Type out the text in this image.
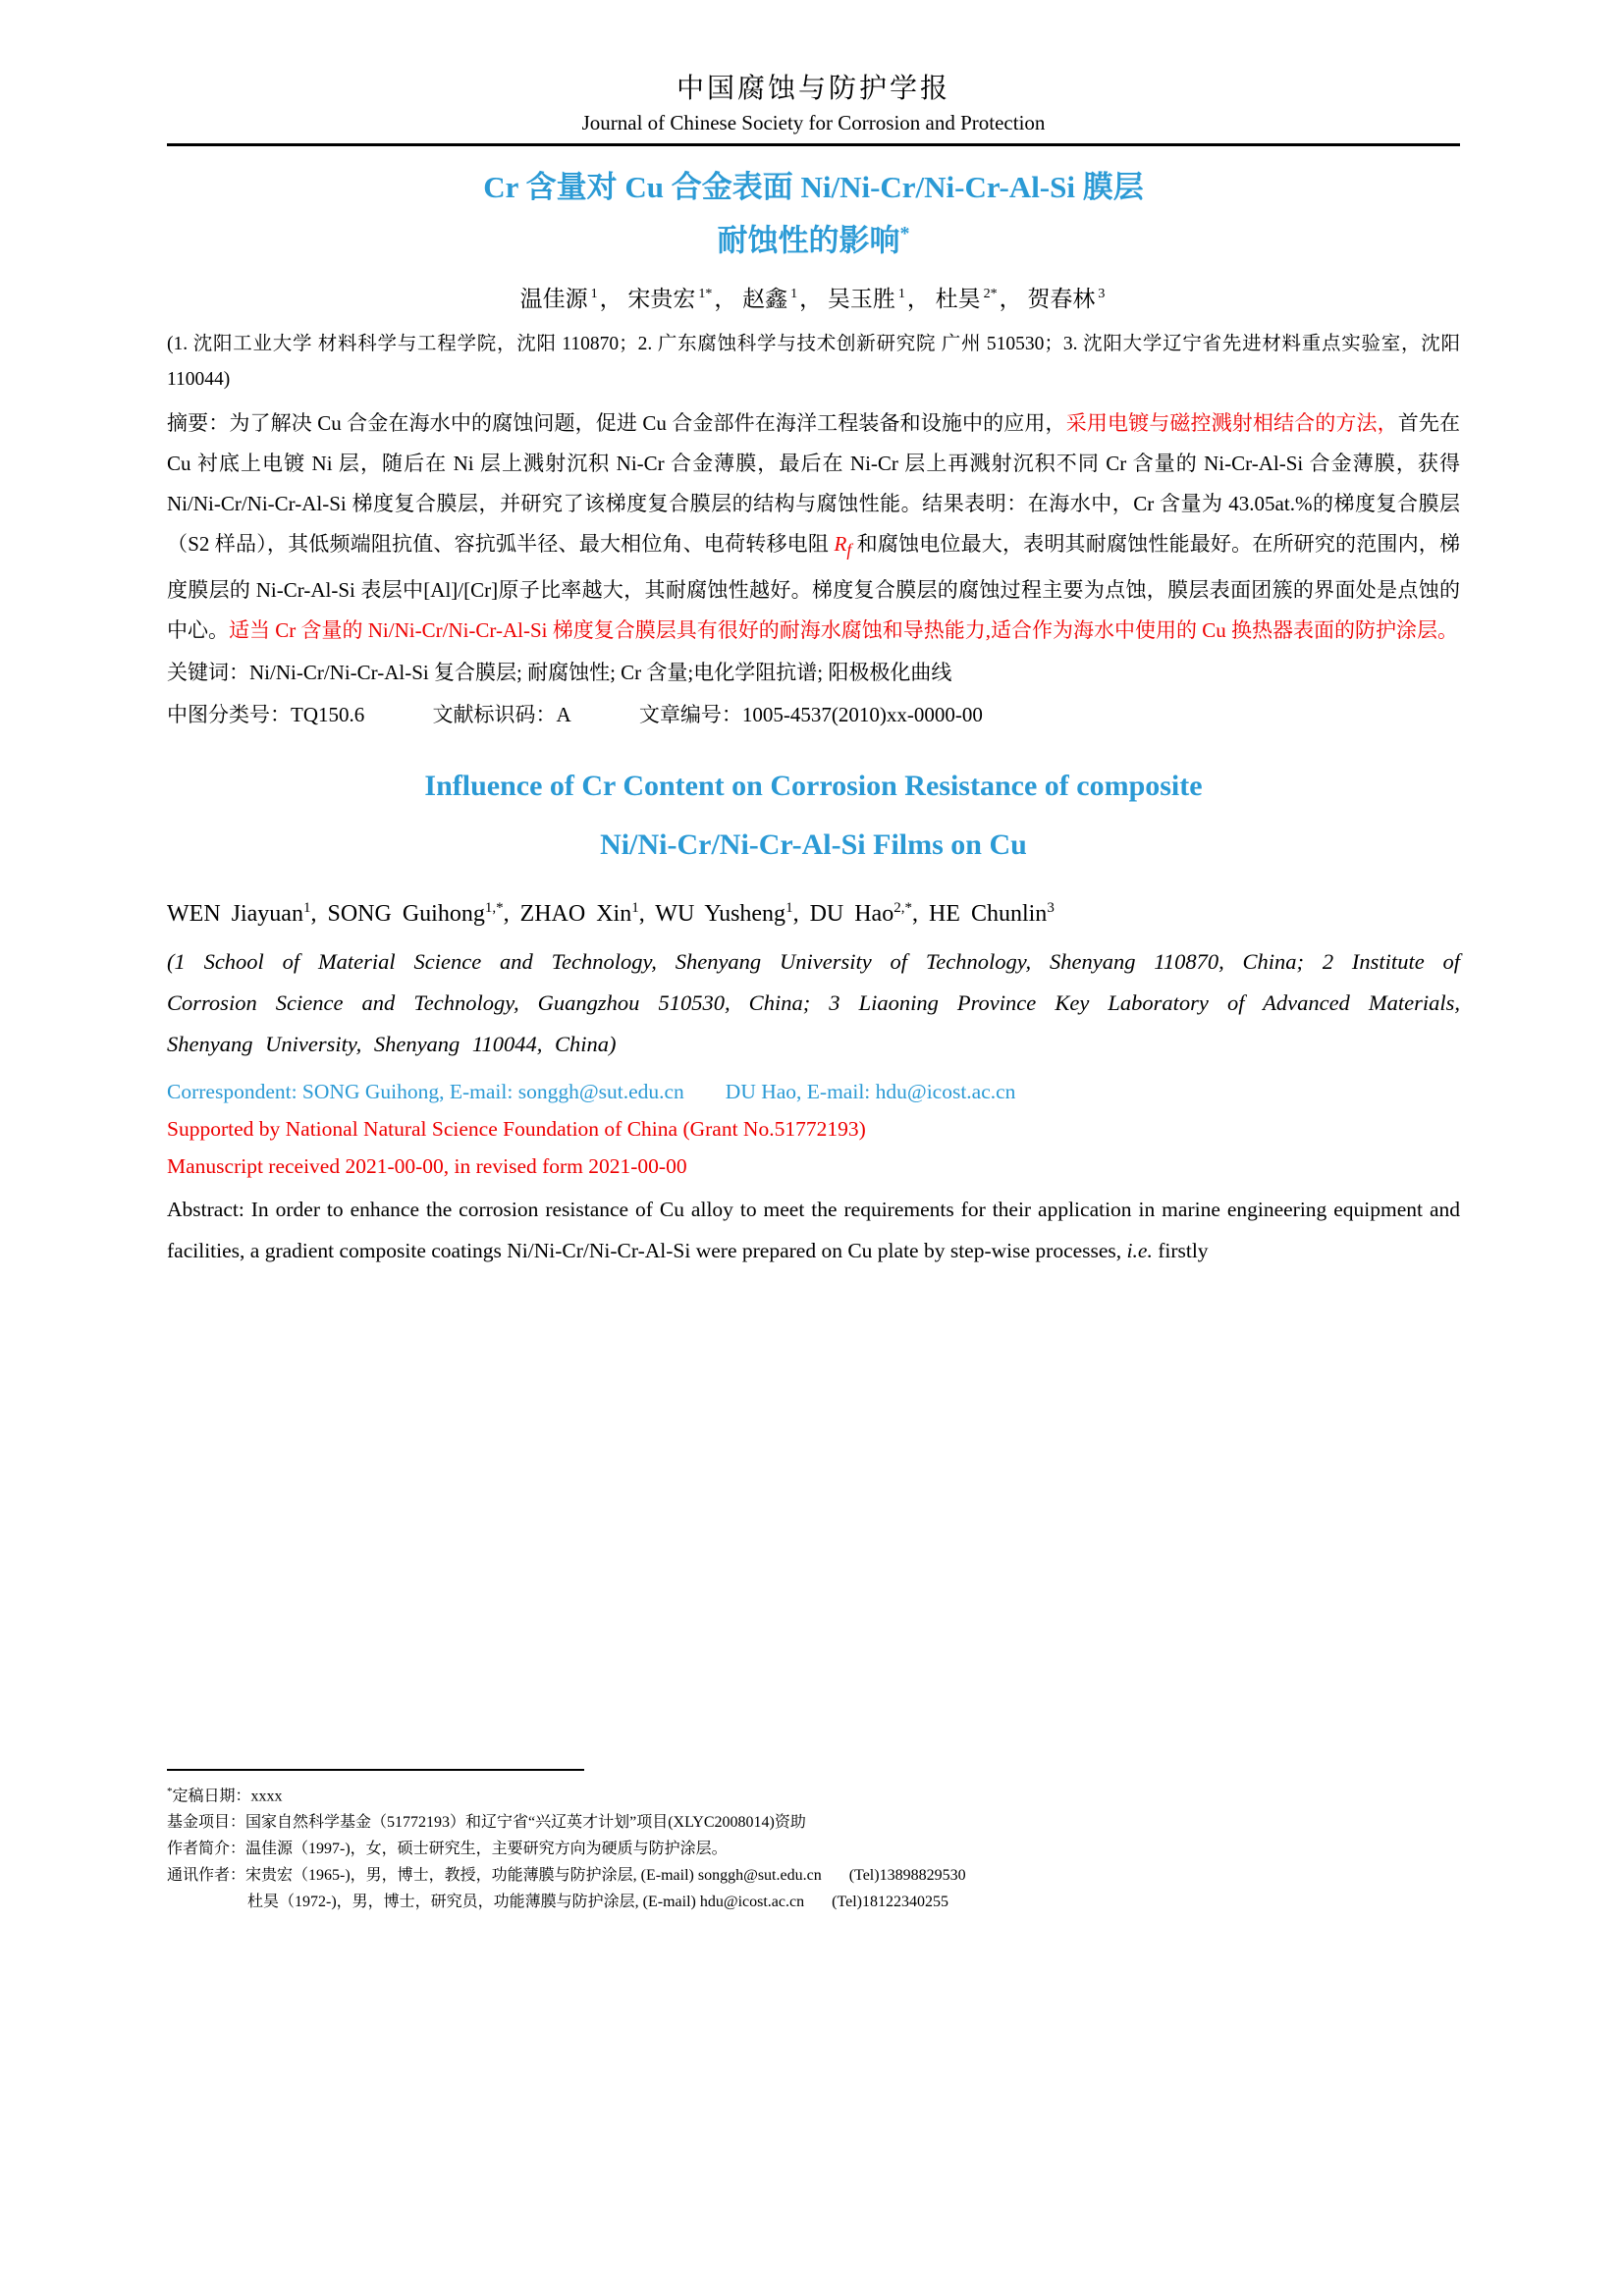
中国腐蚀与防护学报
Journal of Chinese Society for Corrosion and Protection
Cr 含量对 Cu 合金表面 Ni/Ni-Cr/Ni-Cr-Al-Si 膜层
耐蚀性的影响*
温佳源 $^1$， 宋贵宏 $^{1*}$， 赵鑫 $^1$， 吴玉胜 $^1$， 杜昊 $^{2*}$， 贺春林 $^3$
(1. 沈阳工业大学 材料科学与工程学院，沈阳 110870；2. 广东腐蚀科学与技术创新研究院 广州 510530；3. 沈阳大学辽宁省先进材料重点实验室，沈阳 110044)

摘要：为了解决 Cu 合金在海水中的腐蚀问题，促进 Cu 合金部件在海洋工程装备和设施中的应用，采用电镀与磁控溅射相结合的方法，首先在 Cu 衬底上电镀 Ni 层，随后在 Ni 层上溅射沉积 Ni-Cr 合金薄膜，最后在 Ni-Cr 层上再溅射沉积不同 Cr 含量的 Ni-Cr-Al-Si 合金薄膜，获得 Ni/Ni-Cr/Ni-Cr-Al-Si 梯度复合膜层，并研究了该梯度复合膜层的结构与腐蚀性能。结果表明：在海水中，Cr 含量为 43.05at.%的梯度复合膜层（S2 样品），其低频端阻抗值、容抗弧半径、最大相位角、电荷转移电阻 $R_f$ 和腐蚀电位最大，表明其耐腐蚀性能最好。在所研究的范围内，梯度膜层的 Ni-Cr-Al-Si 表层中[Al]/[Cr]原子比率越大，其耐腐蚀性越好。梯度复合膜层的腐蚀过程主要为点蚀，膜层表面团簇的界面处是点蚀的中心。适当 Cr 含量的 Ni/Ni-Cr/Ni-Cr-Al-Si 梯度复合膜层具有很好的耐海水腐蚀和导热能力,适合作为海水中使用的 Cu 换热器表面的防护涂层。

关键词：Ni/Ni-Cr/Ni-Cr-Al-Si 复合膜层; 耐腐蚀性; Cr 含量;电化学阻抗谱; 阳极极化曲线

中图分类号：TQ150.6	文献标识码：A	文章编号：1005-4537(2010)xx-0000-00

Influence of Cr Content on Corrosion Resistance of composite
Ni/Ni-Cr/Ni-Cr-Al-Si Films on Cu

WEN Jiayuan$^1$, SONG Guihong$^{1,*}$, ZHAO Xin$^1$, WU Yusheng$^1$, DU Hao$^{2,*}$, HE Chunlin$^3$

(1 School of Material Science and Technology, Shenyang University of Technology, Shenyang 110870, China; 2 Institute of Corrosion Science and Technology, Guangzhou 510530, China; 3 Liaoning Province Key Laboratory of Advanced Materials, Shenyang University, Shenyang 110044, China)

Correspondent: SONG Guihong, E-mail: songgh@sut.edu.cn DU Hao, E-mail: hdu@icost.ac.cn

Supported by National Natural Science Foundation of China (Grant No.51772193)

Manuscript received 2021-00-00, in revised form 2021-00-00

Abstract: In order to enhance the corrosion resistance of Cu alloy to meet the requirements for their application in marine engineering equipment and facilities, a gradient composite coatings Ni/Ni-Cr/Ni-Cr-Al-Si were prepared on Cu plate by step-wise processes, i.e. firstly

*定稿日期：xxxx

基金项目：国家自然科学基金（51772193）和辽宁省“兴辽英才计划”项目(XLYC2008014)资助

作者简介：温佳源（1997-)，女，硕士研究生，主要研究方向为硬质与防护涂层。

通讯作者：宋贵宏（1965-)，男，博士，教授，功能薄膜与防护涂层, (E-mail) songgh@sut.edu.cn (Tel)13898829530

杜昊（1972-)，男，博士，研究员，功能薄膜与防护涂层, (E-mail) hdu@icost.ac.cn (Tel)18122340255
